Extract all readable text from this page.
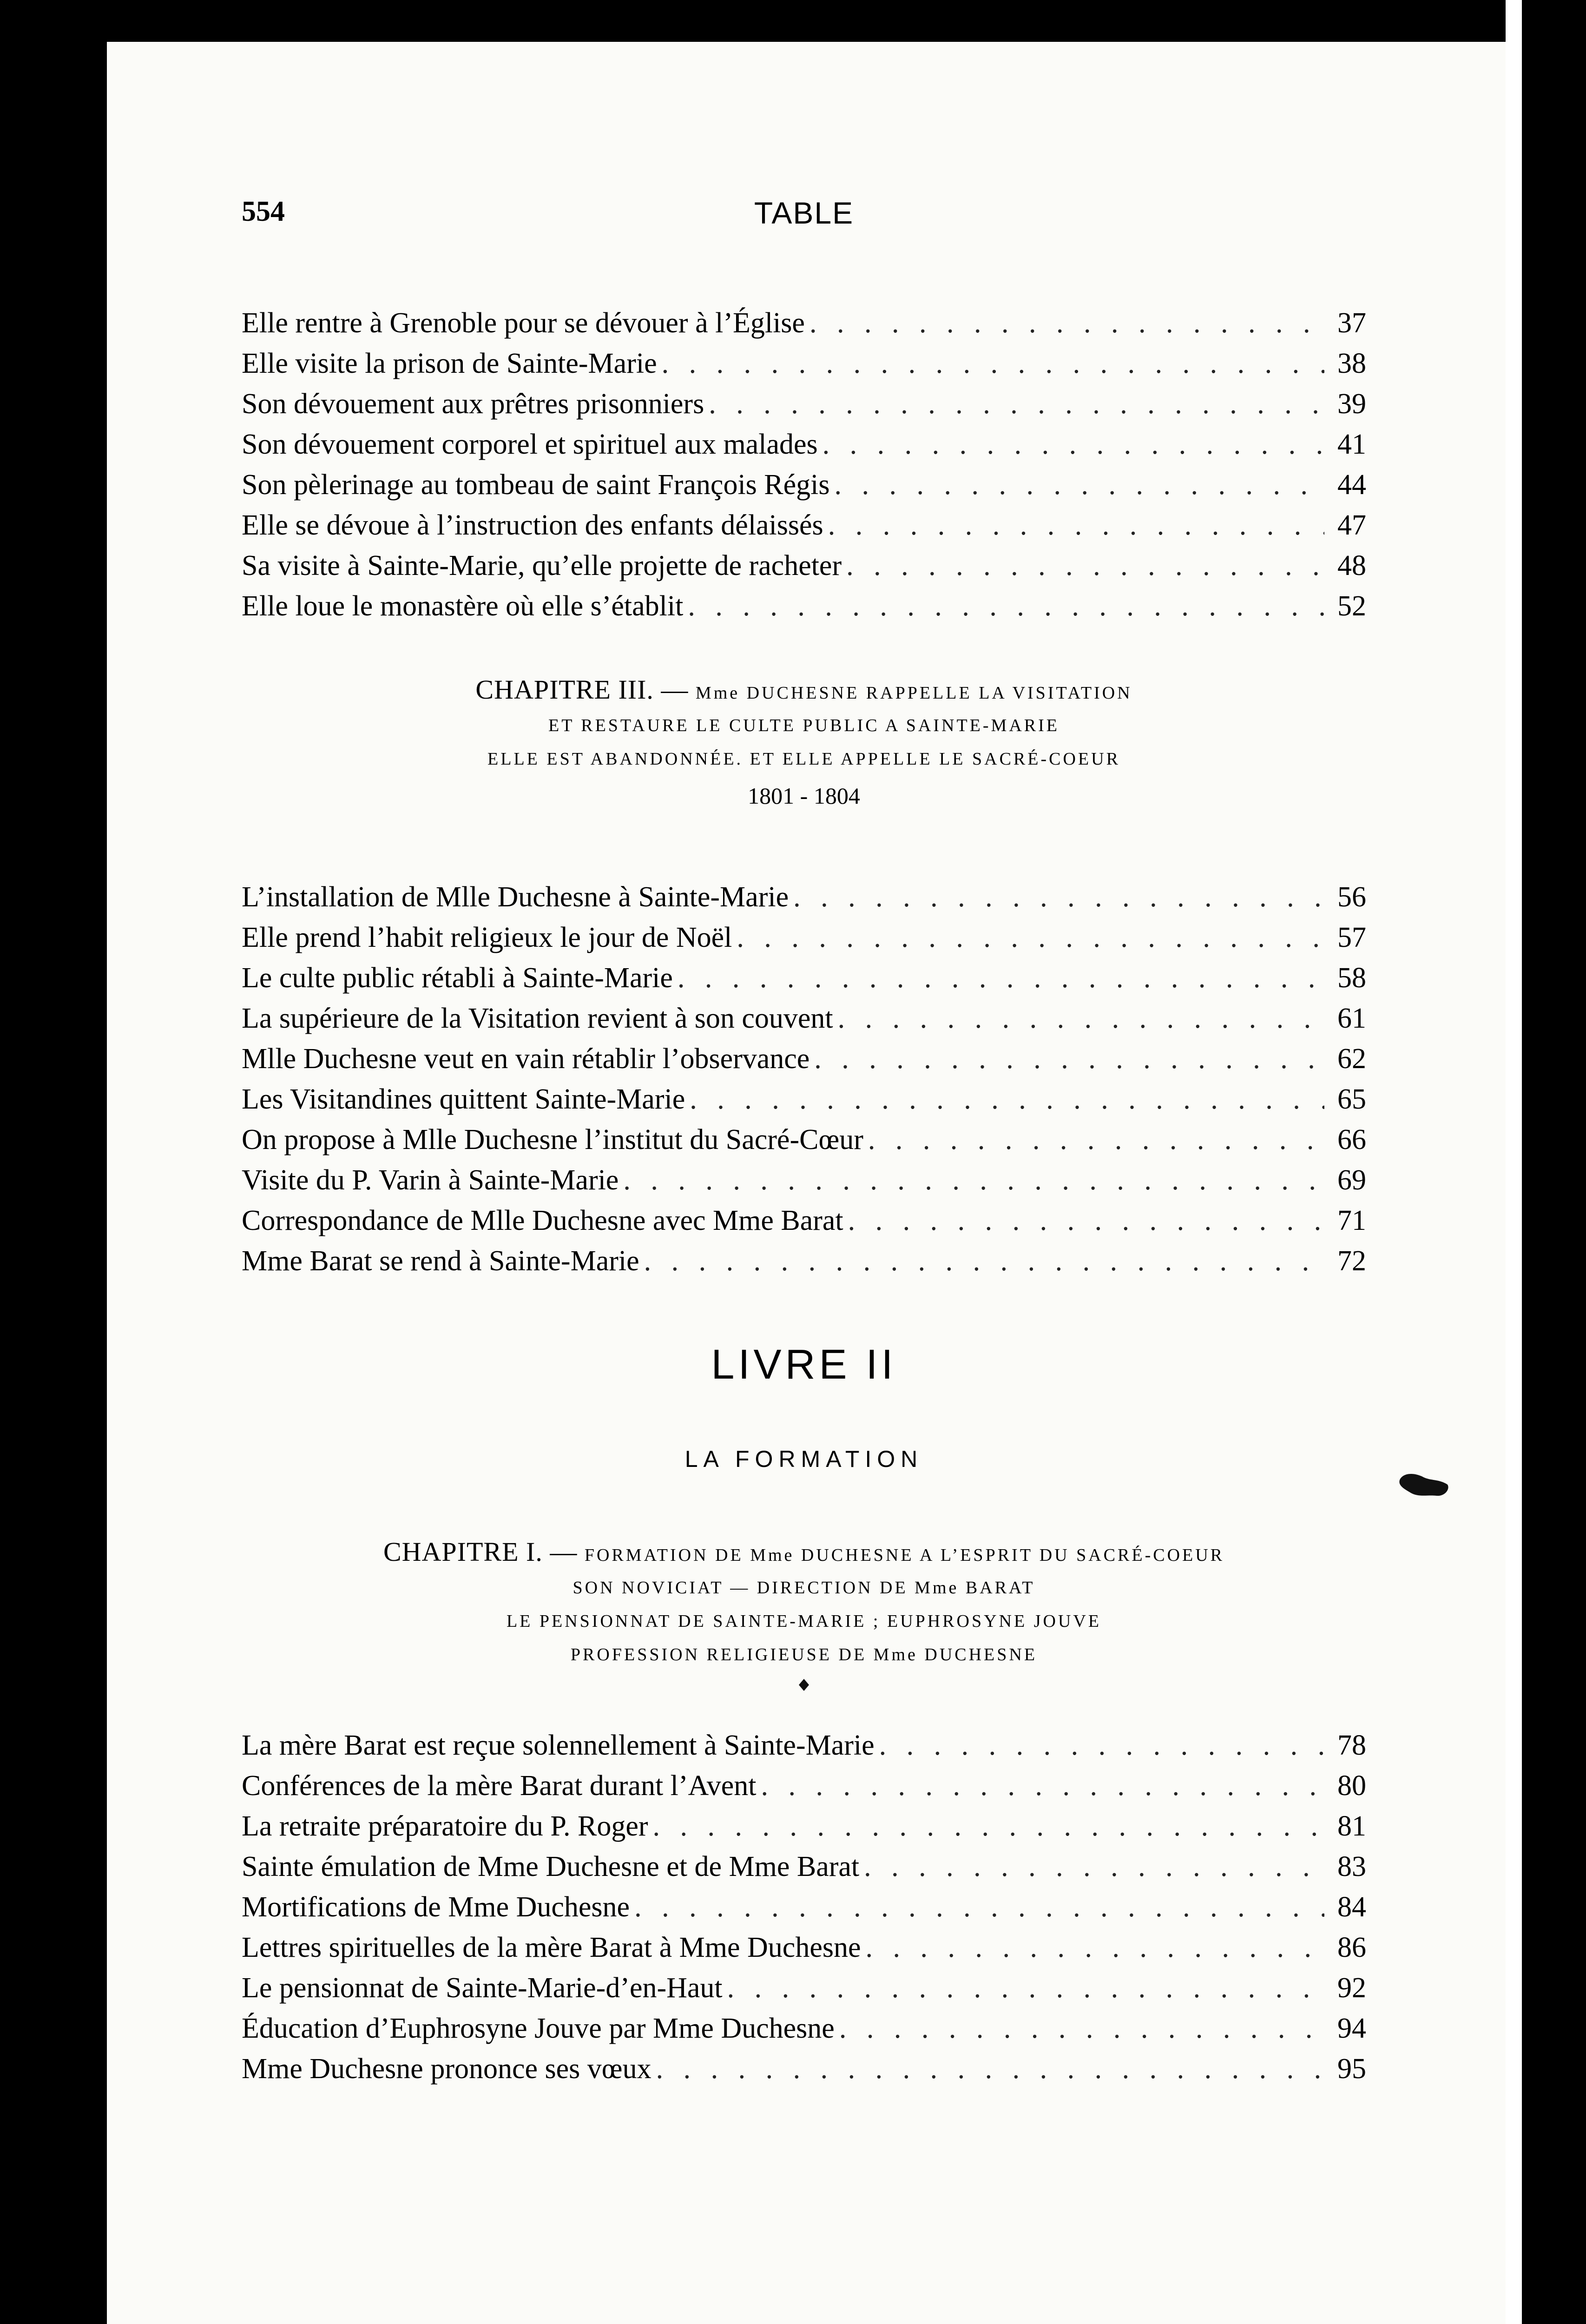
554	TABLE
Elle rentre à Grenoble pour se dévouer à l’Église . . .	37
Elle visite la prison de Sainte-Marie . . .	38
Son dévouement aux prêtres prisonniers . . .	39
Son dévouement corporel et spirituel aux malades . . .	41
Son pèlerinage au tombeau de saint François Régis . . .	44
Elle se dévoue à l’instruction des enfants délaissés . . .	47
Sa visite à Sainte-Marie, qu’elle projette de racheter . . .	48
Elle loue le monastère où elle s’établit . . .	52
CHAPITRE III. — Mme DUCHESNE RAPPELLE LA VISITATION
ET RESTAURE LE CULTE PUBLIC A SAINTE-MARIE
ELLE EST ABANDONNÉE. ET ELLE APPELLE LE SACRÉ-COEUR
1801 - 1804
L’installation de Mlle Duchesne à Sainte-Marie . . .	56
Elle prend l’habit religieux le jour de Noël . . .	57
Le culte public rétabli à Sainte-Marie . . .	58
La supérieure de la Visitation revient à son couvent . . .	61
Mlle Duchesne veut en vain rétablir l’observance . . .	62
Les Visitandines quittent Sainte-Marie . . .	65
On propose à Mlle Duchesne l’institut du Sacré-Cœur . . .	66
Visite du P. Varin à Sainte-Marie . . .	69
Correspondance de Mlle Duchesne avec Mme Barat . . .	71
Mme Barat se rend à Sainte-Marie . . .	72
LIVRE II
LA FORMATION
CHAPITRE I. — FORMATION DE Mme DUCHESNE A L’ESPRIT DU SACRÉ-COEUR
SON NOVICIAT — DIRECTION DE Mme BARAT
LE PENSIONNAT DE SAINTE-MARIE ; EUPHROSYNE JOUVE
PROFESSION RELIGIEUSE DE Mme DUCHESNE
La mère Barat est reçue solennellement à Sainte-Marie . . .	78
Conférences de la mère Barat durant l’Avent . . .	80
La retraite préparatoire du P. Roger . . .	81
Sainte émulation de Mme Duchesne et de Mme Barat . . .	83
Mortifications de Mme Duchesne . . .	84
Lettres spirituelles de la mère Barat à Mme Duchesne . . .	86
Le pensionnat de Sainte-Marie-d’en-Haut . . .	92
Éducation d’Euphrosyne Jouve par Mme Duchesne . . .	94
Mme Duchesne prononce ses vœux . . .	95
